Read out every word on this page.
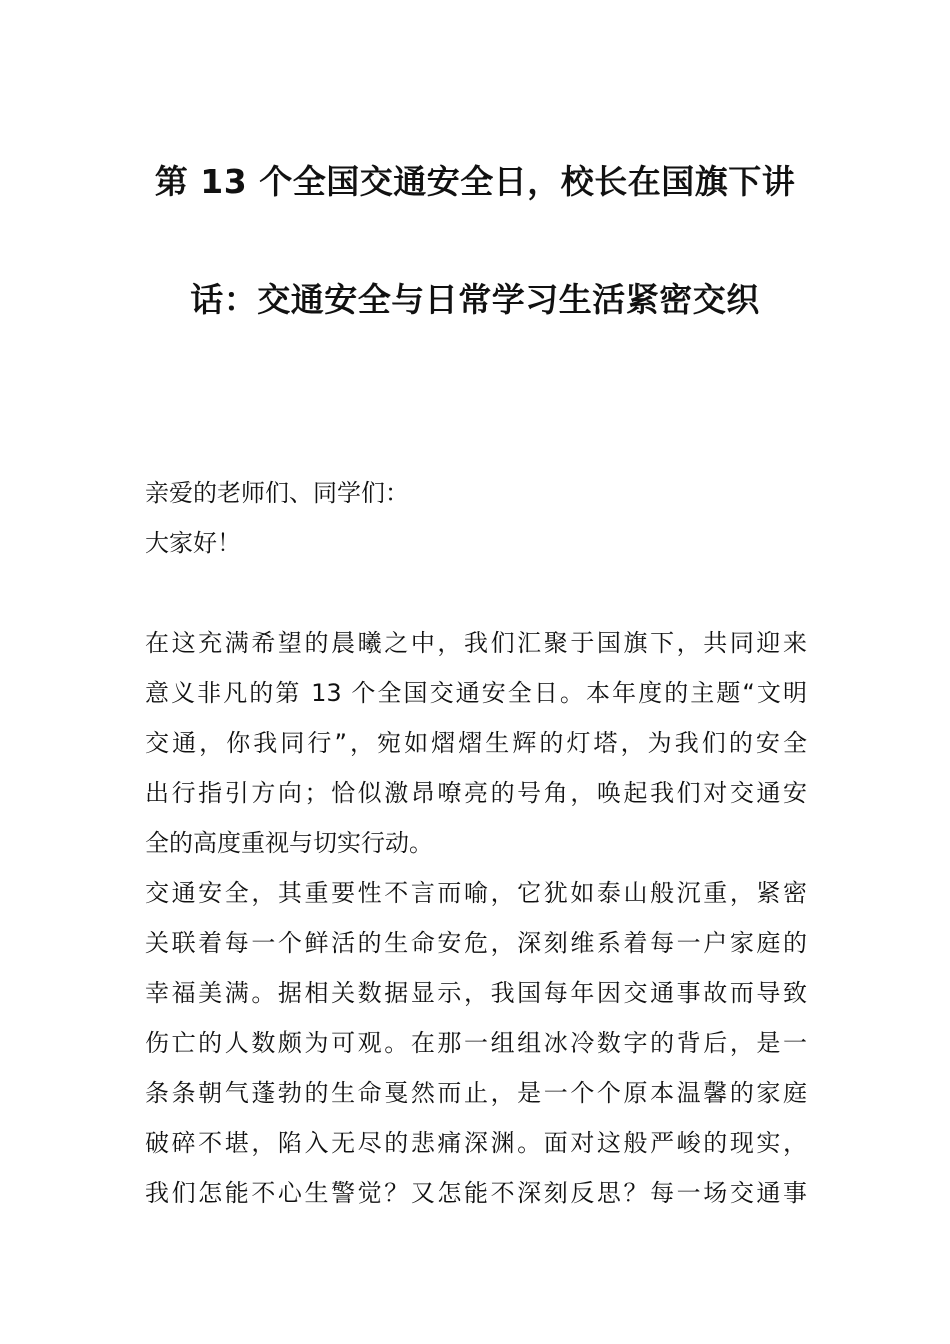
第 13 个全国交通安全日，校长在国旗下讲
话：交通安全与日常学习生活紧密交织
亲爱的老师们、同学们：
大家好！
在这充满希望的晨曦之中，我们汇聚于国旗下，共同迎来
意义非凡的第 13 个全国交通安全日。本年度的主题“文明
交通，你我同行”，宛如熠熠生辉的灯塔，为我们的安全
出行指引方向；恰似激昂嘹亮的号角，唤起我们对交通安
全的高度重视与切实行动。
交通安全，其重要性不言而喻，它犹如泰山般沉重，紧密
关联着每一个鲜活的生命安危，深刻维系着每一户家庭的
幸福美满。据相关数据显示，我国每年因交通事故而导致
伤亡的人数颇为可观。在那一组组冰冷数字的背后，是一
条条朝气蓬勃的生命戛然而止，是一个个原本温馨的家庭
破碎不堪，陷入无尽的悲痛深渊。面对这般严峻的现实，
我们怎能不心生警觉？又怎能不深刻反思？每一场交通事
